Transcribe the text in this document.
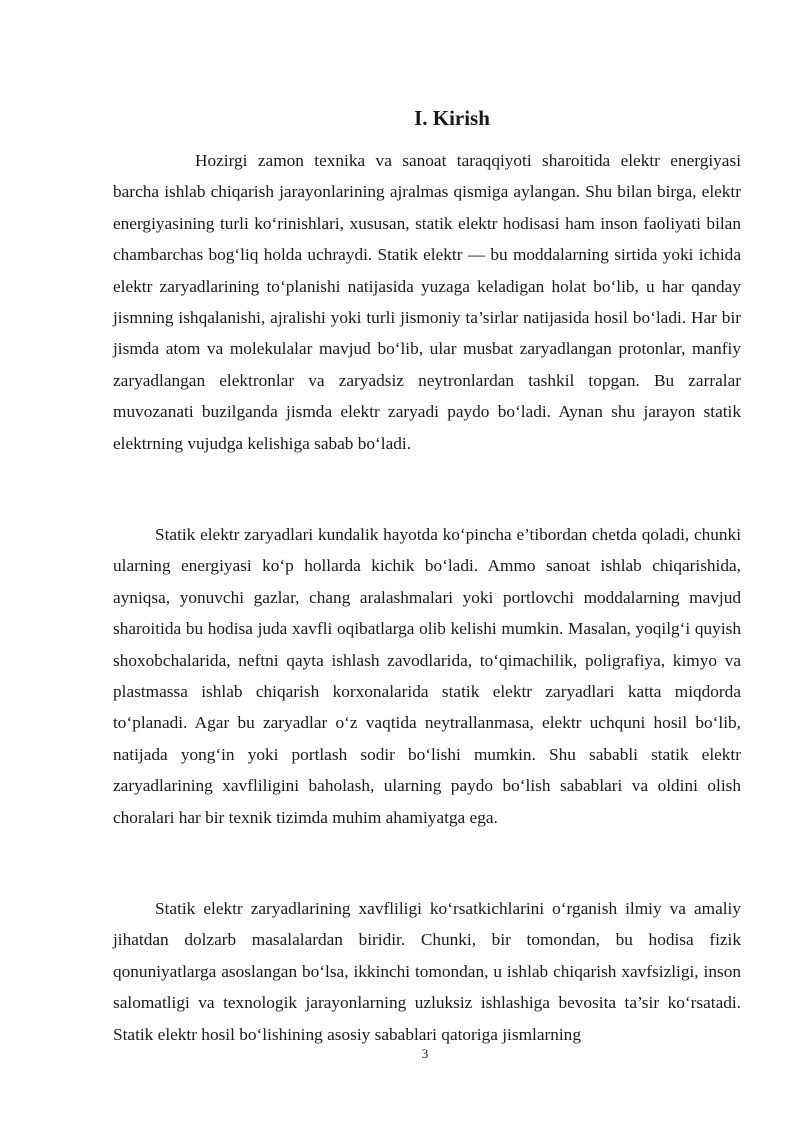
I. Kirish

Hozirgi zamon texnika va sanoat taraqqiyoti sharoitida elektr energiyasi barcha ishlab chiqarish jarayonlarining ajralmas qismiga aylangan. Shu bilan birga, elektr energiyasining turli ko‘rinishlari, xususan, statik elektr hodisasi ham inson faoliyati bilan chambarchas bog‘liq holda uchraydi. Statik elektr — bu moddalarning sirtida yoki ichida elektr zaryadlarining to‘planishi natijasida yuzaga keladigan holat bo‘lib, u har qanday jismning ishqalanishi, ajralishi yoki turli jismoniy ta’sirlar natijasida hosil bo‘ladi. Har bir jismda atom va molekulalar mavjud bo‘lib, ular musbat zaryadlangan protonlar, manfiy zaryadlangan elektronlar va zaryadsiz neytronlardan tashkil topgan. Bu zarralar muvozanati buzilganda jismda elektr zaryadi paydo bo‘ladi. Aynan shu jarayon statik elektrning vujudga kelishiga sabab bo‘ladi.

Statik elektr zaryadlari kundalik hayotda ko‘pincha e’tibordan chetda qoladi, chunki ularning energiyasi ko‘p hollarda kichik bo‘ladi. Ammo sanoat ishlab chiqarishida, ayniqsa, yonuvchi gazlar, chang aralashmalari yoki portlovchi moddalarning mavjud sharoitida bu hodisa juda xavfli oqibatlarga olib kelishi mumkin. Masalan, yoqilg‘i quyish shoxobchalarida, neftni qayta ishlash zavodlarida, to‘qimachilik, poligrafiya, kimyo va plastmassa ishlab chiqarish korxonalarida statik elektr zaryadlari katta miqdorda to‘planadi. Agar bu zaryadlar o‘z vaqtida neytrallanmasa, elektr uchquni hosil bo‘lib, natijada yong‘in yoki portlash sodir bo‘lishi mumkin. Shu sababli statik elektr zaryadlarining xavfliligini baholash, ularning paydo bo‘lish sabablari va oldini olish choralari har bir texnik tizimda muhim ahamiyatga ega.

Statik elektr zaryadlarining xavfliligi ko‘rsatkichlarini o‘rganish ilmiy va amaliy jihatdan dolzarb masalalardan biridir. Chunki, bir tomondan, bu hodisa fizik qonuniyatlarga asoslangan bo‘lsa, ikkinchi tomondan, u ishlab chiqarish xavfsizligi, inson salomatligi va texnologik jarayonlarning uzluksiz ishlashiga bevosita ta’sir ko‘rsatadi. Statik elektr hosil bo‘lishining asosiy sabablari qatoriga jismlarning

3
